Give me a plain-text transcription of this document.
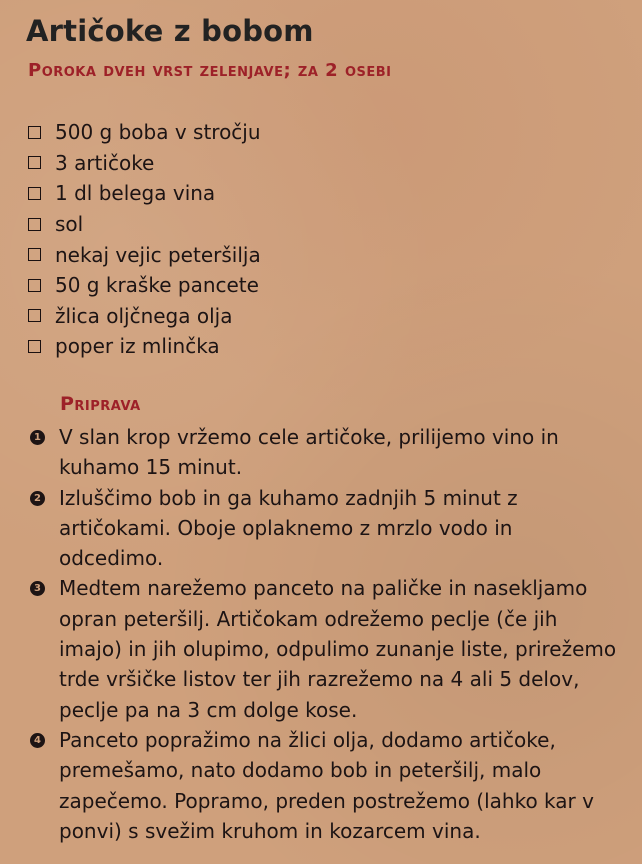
Artičoke z bobom
Poroka dveh vrst zelenjave; za 2 osebi
500 g boba v stročju
3 artičoke
1 dl belega vina
sol
nekaj vejic peteršilja
50 g kraške pancete
žlica oljčnega olja
poper iz mlinčka
Priprava
1 V slan krop vržemo cele artičoke, prilijemo vino in kuhamo 15 minut.
2 Izluščimo bob in ga kuhamo zadnjih 5 minut z artičokami. Oboje oplaknemo z mrzlo vodo in odcedimo.
3 Medtem narežemo panceto na paličke in nasekljamo opran peteršilj. Artičokam odrežemo peclje (če jih imajo) in jih olupimo, odpulimo zunanje liste, prirežemo trde vršičke listov ter jih razrežemo na 4 ali 5 delov, peclje pa na 3 cm dolge kose.
4 Panceto popražimo na žlici olja, dodamo artičoke, premešamo, nato dodamo bob in peteršilj, malo zapečemo. Popramo, preden postrežemo (lahko kar v ponvi) s svežim kruhom in kozarcem vina.
